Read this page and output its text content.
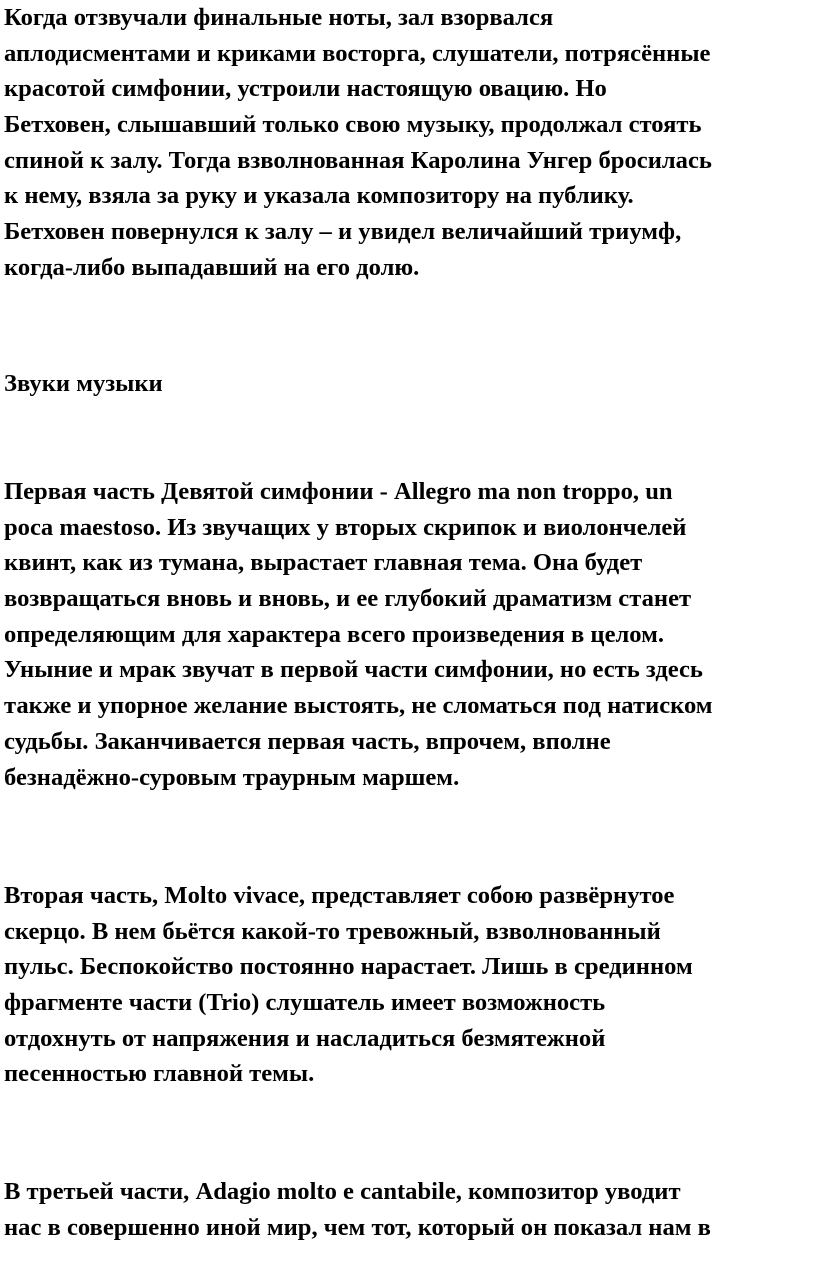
Когда отзвучали финальные ноты, зал взорвался
аплодисментами и криками восторга, слушатели, потрясённые
красотой симфонии, устроили настоящую овацию. Но
Бетховен, слышавший только свою музыку, продолжал стоять
спиной к залу. Тогда взволнованная Каролина Унгер бросилась
к нему, взяла за руку и указала композитору на публику.
Бетховен повернулся к залу – и увидел величайший триумф,
когда-либо выпадавший на его долю.

Звуки музыки

Первая часть Девятой симфонии - Allegro ma non troppo, un
poca maestoso. Из звучащих у вторых скрипок и виолончелей
квинт, как из тумана, вырастает главная тема. Она будет
возвращаться вновь и вновь, и ее глубокий драматизм станет
определяющим для характера всего произведения в целом.
Уныние и мрак звучат в первой части симфонии, но есть здесь
также и упорное желание выстоять, не сломаться под натиском
судьбы. Заканчивается первая часть, впрочем, вполне
безнадёжно-суровым траурным маршем.

Вторая часть, Molto vivace, представляет собою развёрнутое
скерцо. В нем бьётся какой-то тревожный, взволнованный
пульс. Беспокойство постоянно нарастает. Лишь в срединном
фрагменте части (Trio) слушатель имеет возможность
отдохнуть от напряжения и насладиться безмятежной
песенностью главной темы.

В третьей части, Adagio molto e cantabile, композитор уводит
нас в совершенно иной мир, чем тот, который он показал нам в
